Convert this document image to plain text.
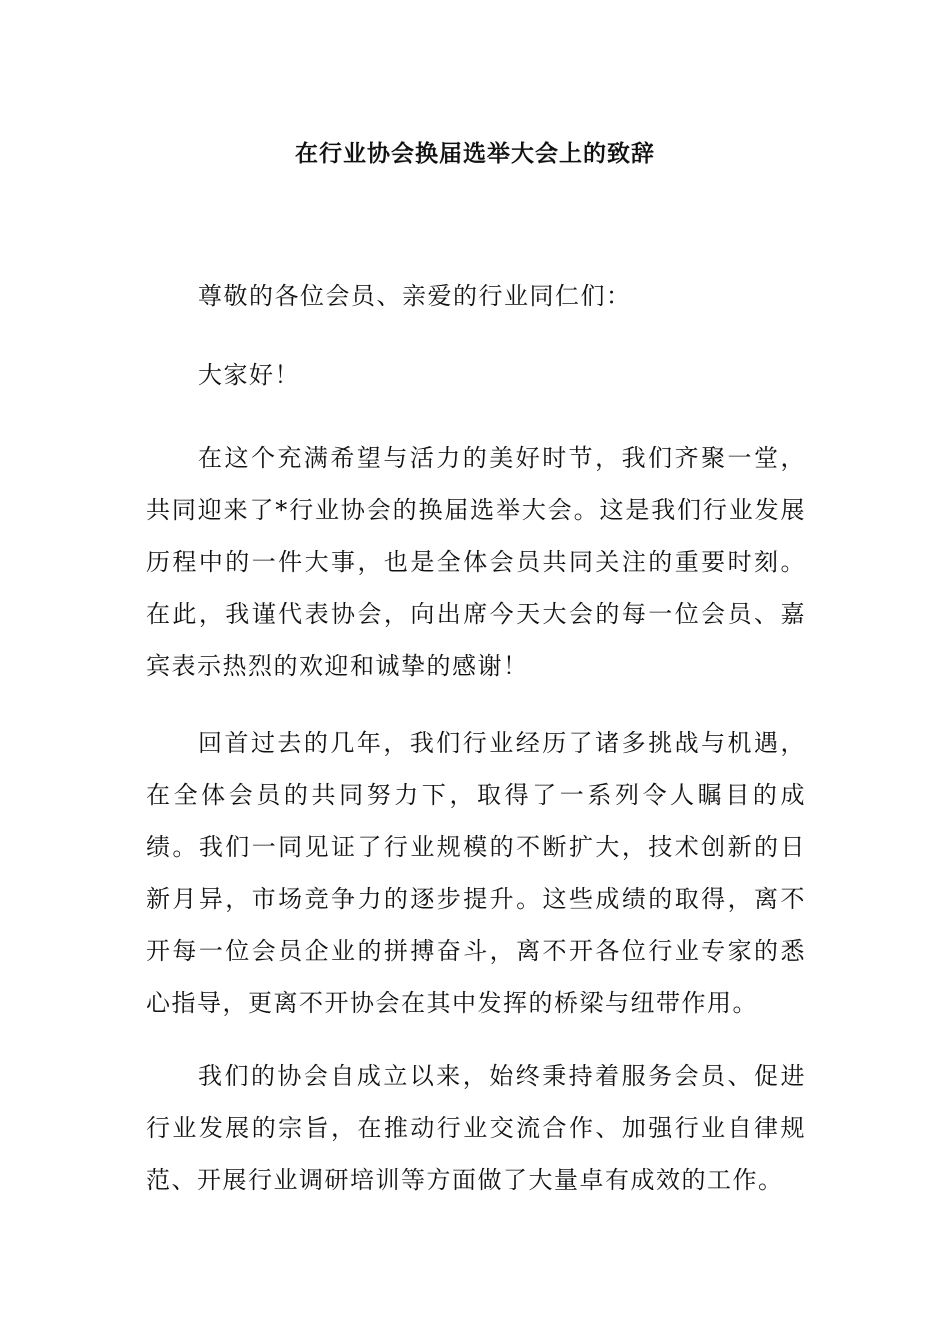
在行业协会换届选举大会上的致辞

尊敬的各位会员、亲爱的行业同仁们：

大家好！

在这个充满希望与活力的美好时节，我们齐聚一堂，共同迎来了*行业协会的换届选举大会。这是我们行业发展历程中的一件大事，也是全体会员共同关注的重要时刻。在此，我谨代表协会，向出席今天大会的每一位会员、嘉宾表示热烈的欢迎和诚挚的感谢！

回首过去的几年，我们行业经历了诸多挑战与机遇，在全体会员的共同努力下，取得了一系列令人瞩目的成绩。我们一同见证了行业规模的不断扩大，技术创新的日新月异，市场竞争力的逐步提升。这些成绩的取得，离不开每一位会员企业的拼搏奋斗，离不开各位行业专家的悉心指导，更离不开协会在其中发挥的桥梁与纽带作用。

我们的协会自成立以来，始终秉持着服务会员、促进行业发展的宗旨，在推动行业交流合作、加强行业自律规范、开展行业调研培训等方面做了大量卓有成效的工作。
